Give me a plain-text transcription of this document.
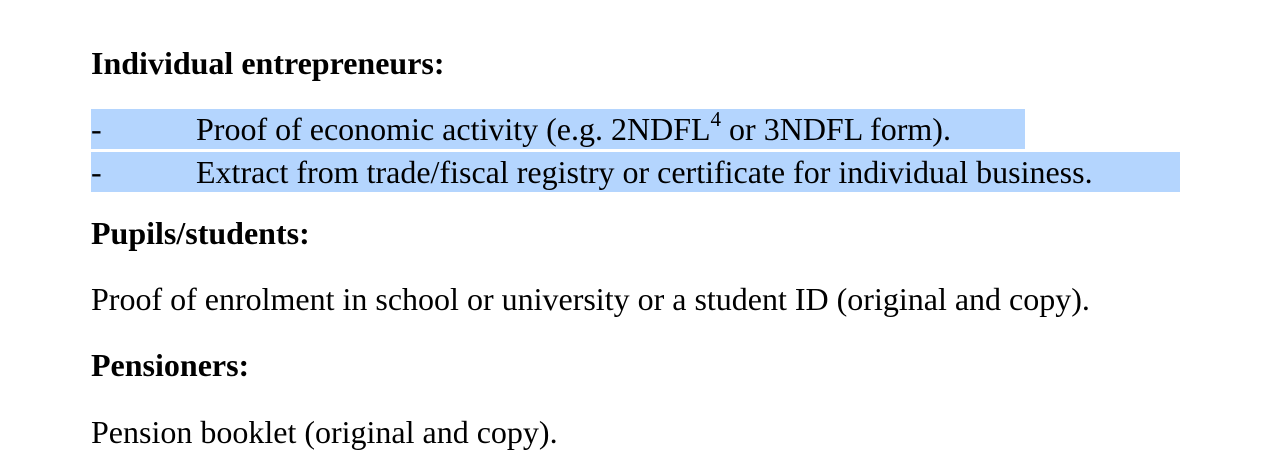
Individual entrepreneurs:
-	Proof of economic activity (e.g. 2NDFL$^4$ or 3NDFL form).
-	Extract from trade/fiscal registry or certificate for individual business.
Pupils/students:
Proof of enrolment in school or university or a student ID (original and copy).
Pensioners:
Pension booklet (original and copy).
